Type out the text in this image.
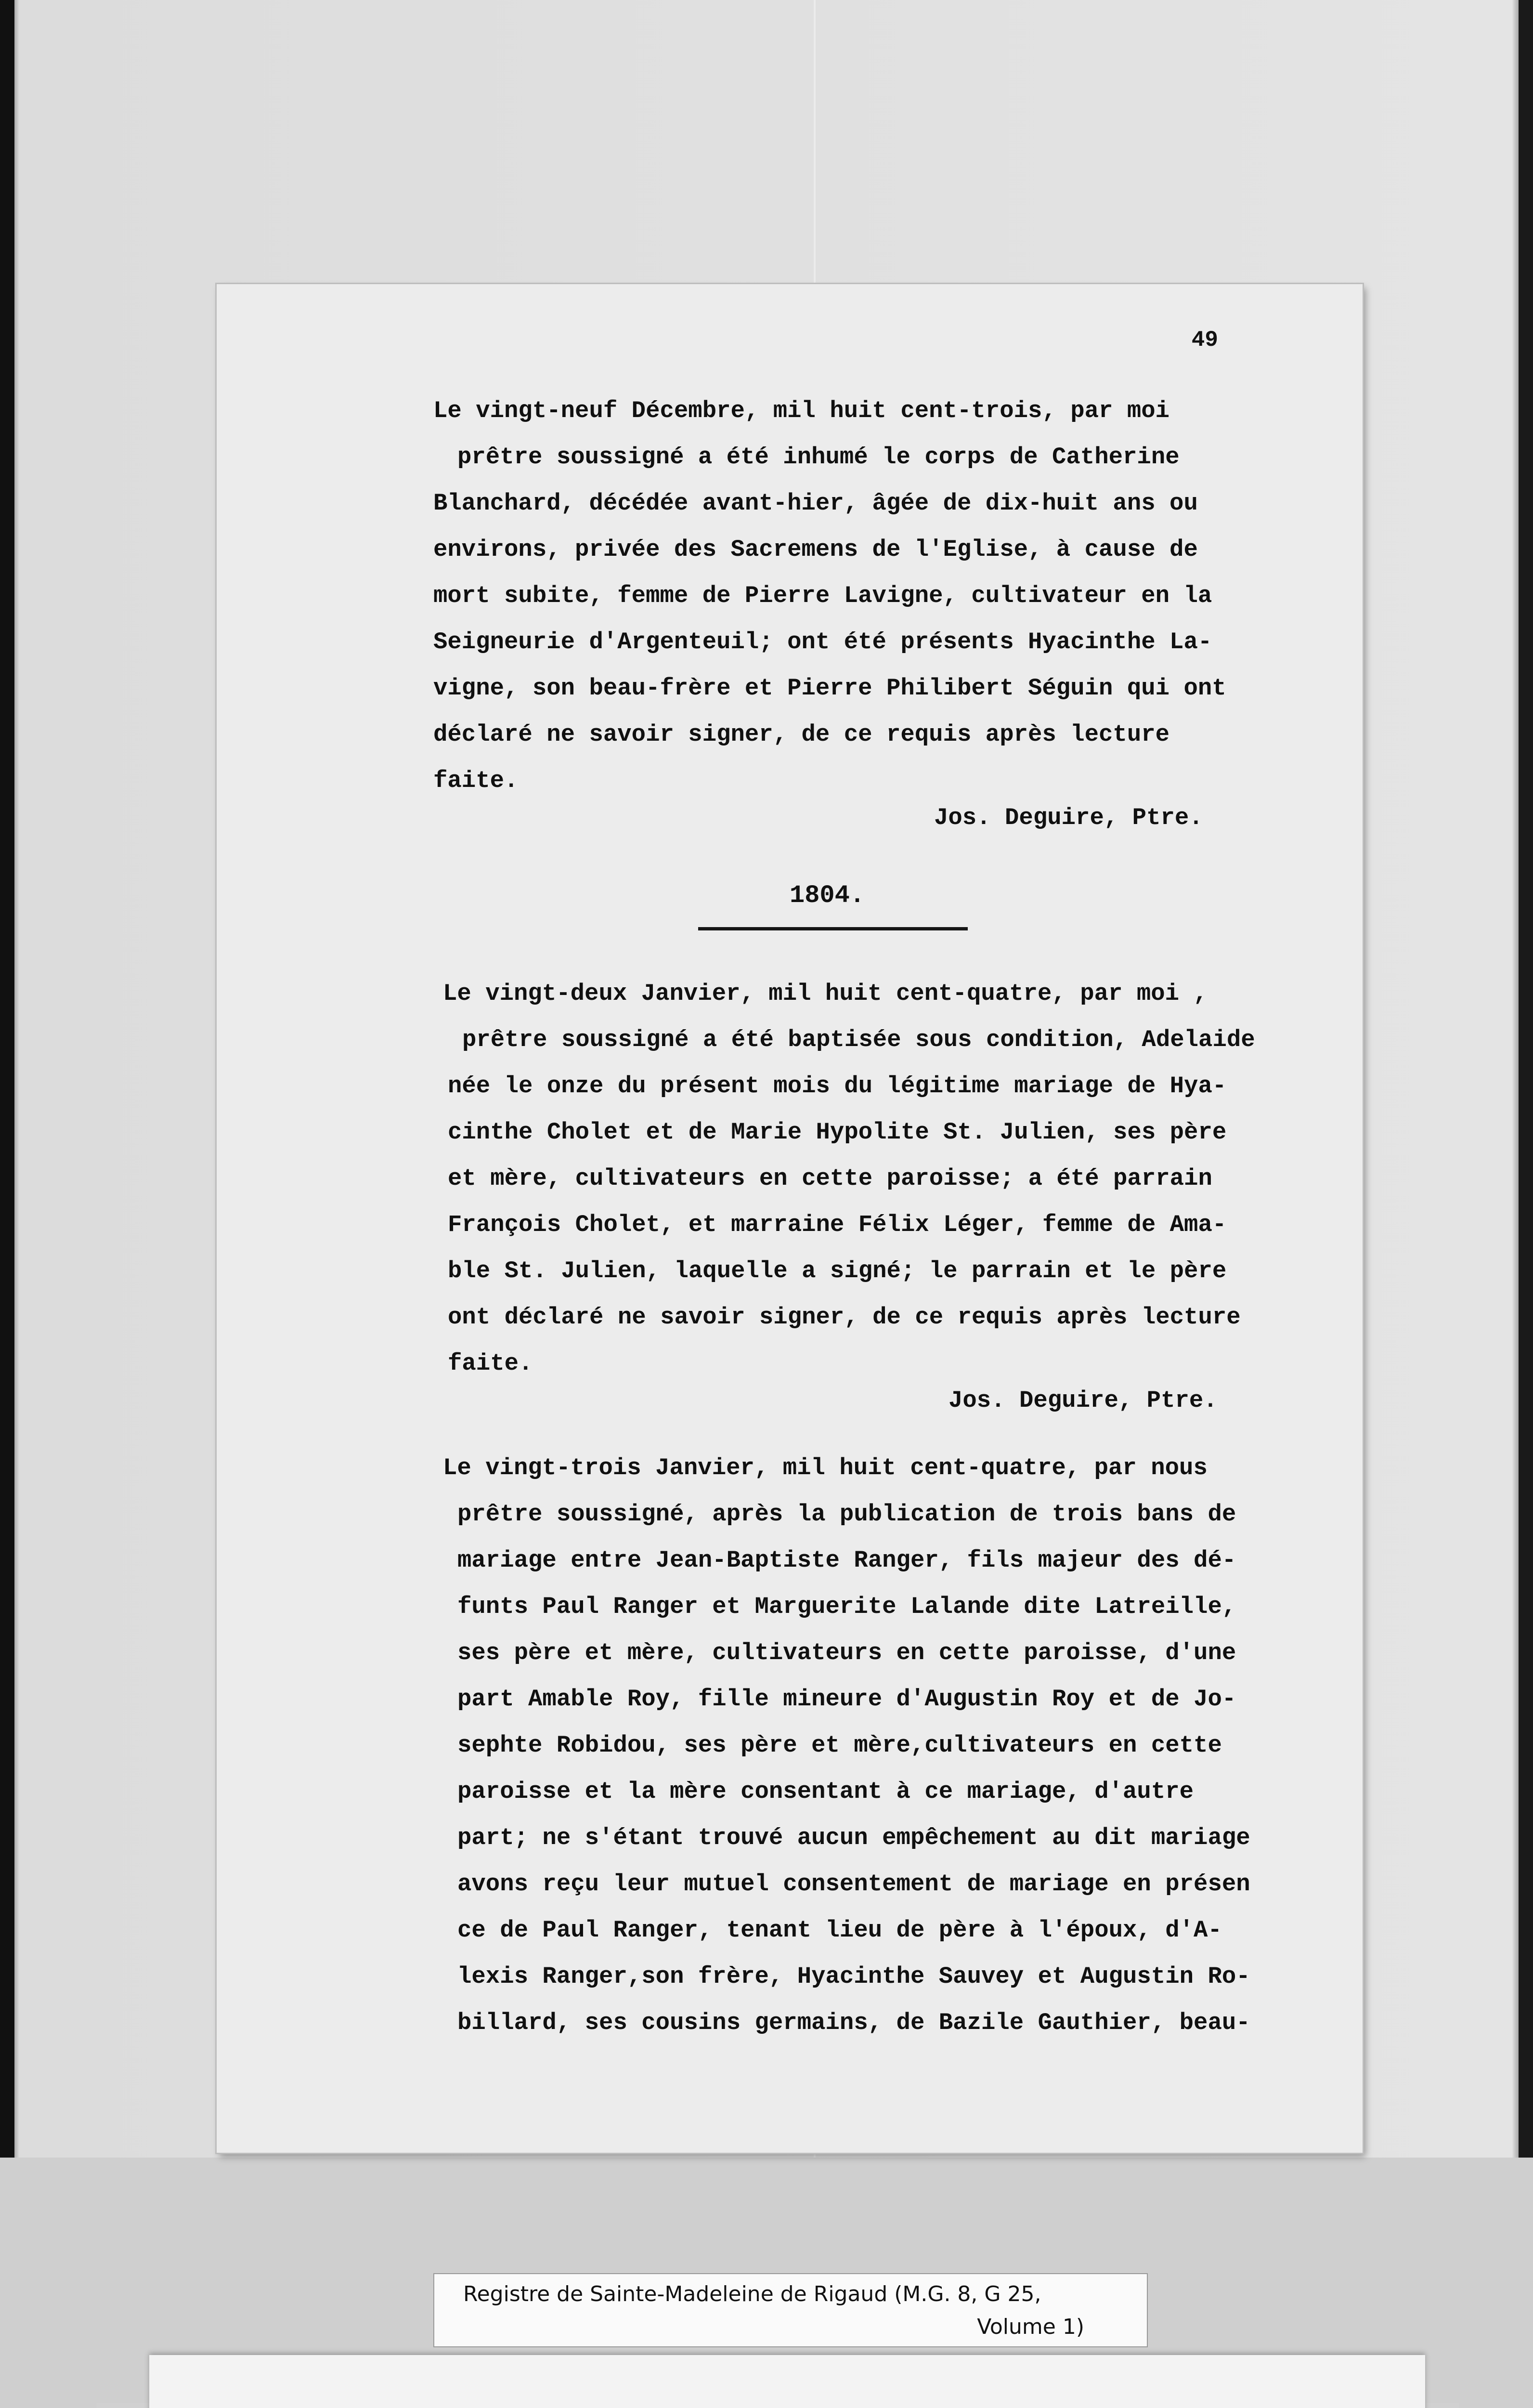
49
Le vingt-neuf Décembre, mil huit cent-trois, par moi
prêtre soussigné a été inhumé le corps de Catherine
Blanchard, décédée avant-hier, âgée de dix-huit ans ou
environs, privée des Sacremens de l'Eglise, à cause de
mort subite, femme de Pierre Lavigne, cultivateur en la
Seigneurie d'Argenteuil; ont été présents Hyacinthe La-
vigne, son beau-frère et Pierre Philibert Séguin qui ont
déclaré ne savoir signer, de ce requis après lecture
faite.
Jos. Deguire, Ptre.
1804.
Le vingt-deux Janvier, mil huit cent-quatre, par moi ,
prêtre soussigné a été baptisée sous condition, Adelaide
née le onze du présent mois du légitime mariage de Hya-
cinthe Cholet et de Marie Hypolite St. Julien, ses père
et mère, cultivateurs en cette paroisse; a été parrain
François Cholet, et marraine Félix Léger, femme de Ama-
ble St. Julien, laquelle a signé; le parrain et le père
ont déclaré ne savoir signer, de ce requis après lecture
faite.
Jos. Deguire, Ptre.
Le vingt-trois Janvier, mil huit cent-quatre, par nous
prêtre soussigné, après la publication de trois bans de
mariage entre Jean-Baptiste Ranger, fils majeur des dé-
funts Paul Ranger et Marguerite Lalande dite Latreille,
ses père et mère, cultivateurs en cette paroisse, d'une
part Amable Roy, fille mineure d'Augustin Roy et de Jo-
sephte Robidou, ses père et mère,cultivateurs en cette
paroisse et la mère consentant à ce mariage, d'autre
part; ne s'étant trouvé aucun empêchement au dit mariage
avons reçu leur mutuel consentement de mariage en présen
ce de Paul Ranger, tenant lieu de père à l'époux, d'A-
lexis Ranger,son frère, Hyacinthe Sauvey et Augustin Ro-
billard, ses cousins germains, de Bazile Gauthier, beau-
Registre de Sainte-Madeleine de Rigaud (M.G. 8, G 25,
Volume 1)
